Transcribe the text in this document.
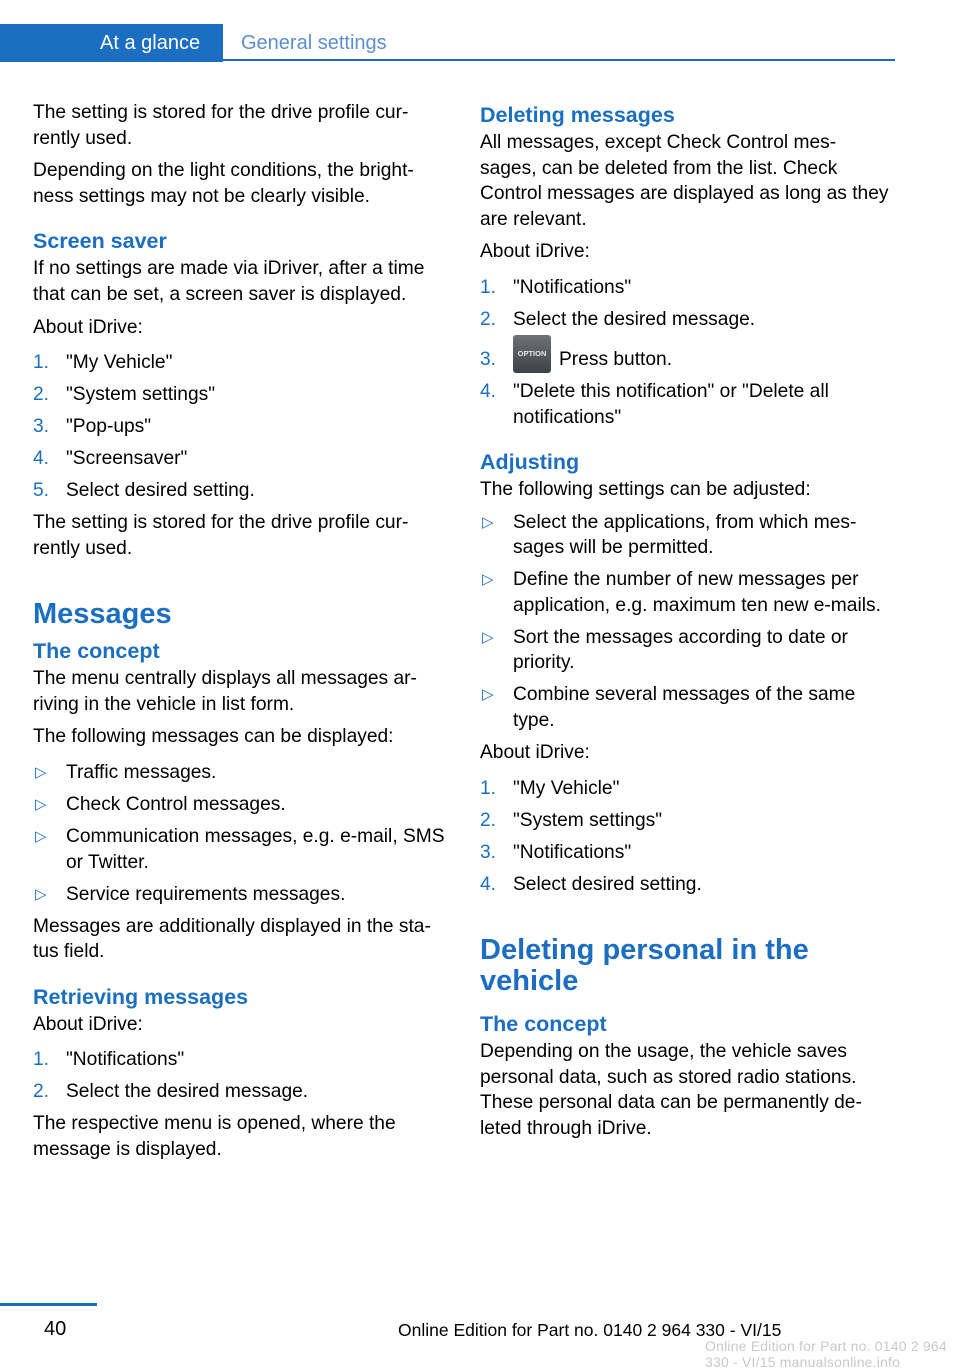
At a glance	General settings

The setting is stored for the drive profile cur- rently used.

Depending on the light conditions, the bright- ness settings may not be clearly visible.

Screen saver

If no settings are made via iDriver, after a time that can be set, a screen saver is displayed.

About iDrive:

1. "My Vehicle"
2. "System settings"
3. "Pop-ups"
4. "Screensaver"
5. Select desired setting.

The setting is stored for the drive profile cur- rently used.

Messages
The concept

The menu centrally displays all messages ar- riving in the vehicle in list form.

The following messages can be displayed:

▷	Traffic messages.
▷	Check Control messages.
▷	Communication messages, e.g. e-mail, SMS or Twitter.
▷	Service requirements messages.

Messages are additionally displayed in the sta- tus field.

Retrieving messages

About iDrive:

1. "Notifications"
2. Select the desired message.

The respective menu is opened, where the message is displayed.

Deleting messages

All messages, except Check Control mes- sages, can be deleted from the list. Check Control messages are displayed as long as they are relevant.

About iDrive:

1. "Notifications"
2. Select the desired message.
3.	OPTION Press button.
4. "Delete this notification" or "Delete all notifications"
Adjusting

The following settings can be adjusted:

▷	Select the applications, from which mes- sages will be permitted.
▷	Define the number of new messages per application, e.g. maximum ten new e-mails.
▷	Sort the messages according to date or priority.
▷	Combine several messages of the same type.

About iDrive:

1. "My Vehicle"
2. "System settings"
3. "Notifications"
4. Select desired setting.
Deleting personal in the vehicle
The concept

Depending on the usage, the vehicle saves personal data, such as stored radio stations. These personal data can be permanently de- leted through iDrive.

40	Online Edition for Part no. 0140 2 964 330 - VI/15
Online Edition for Part no. 0140 2 964 330 - VI/15 manualsonline.info
